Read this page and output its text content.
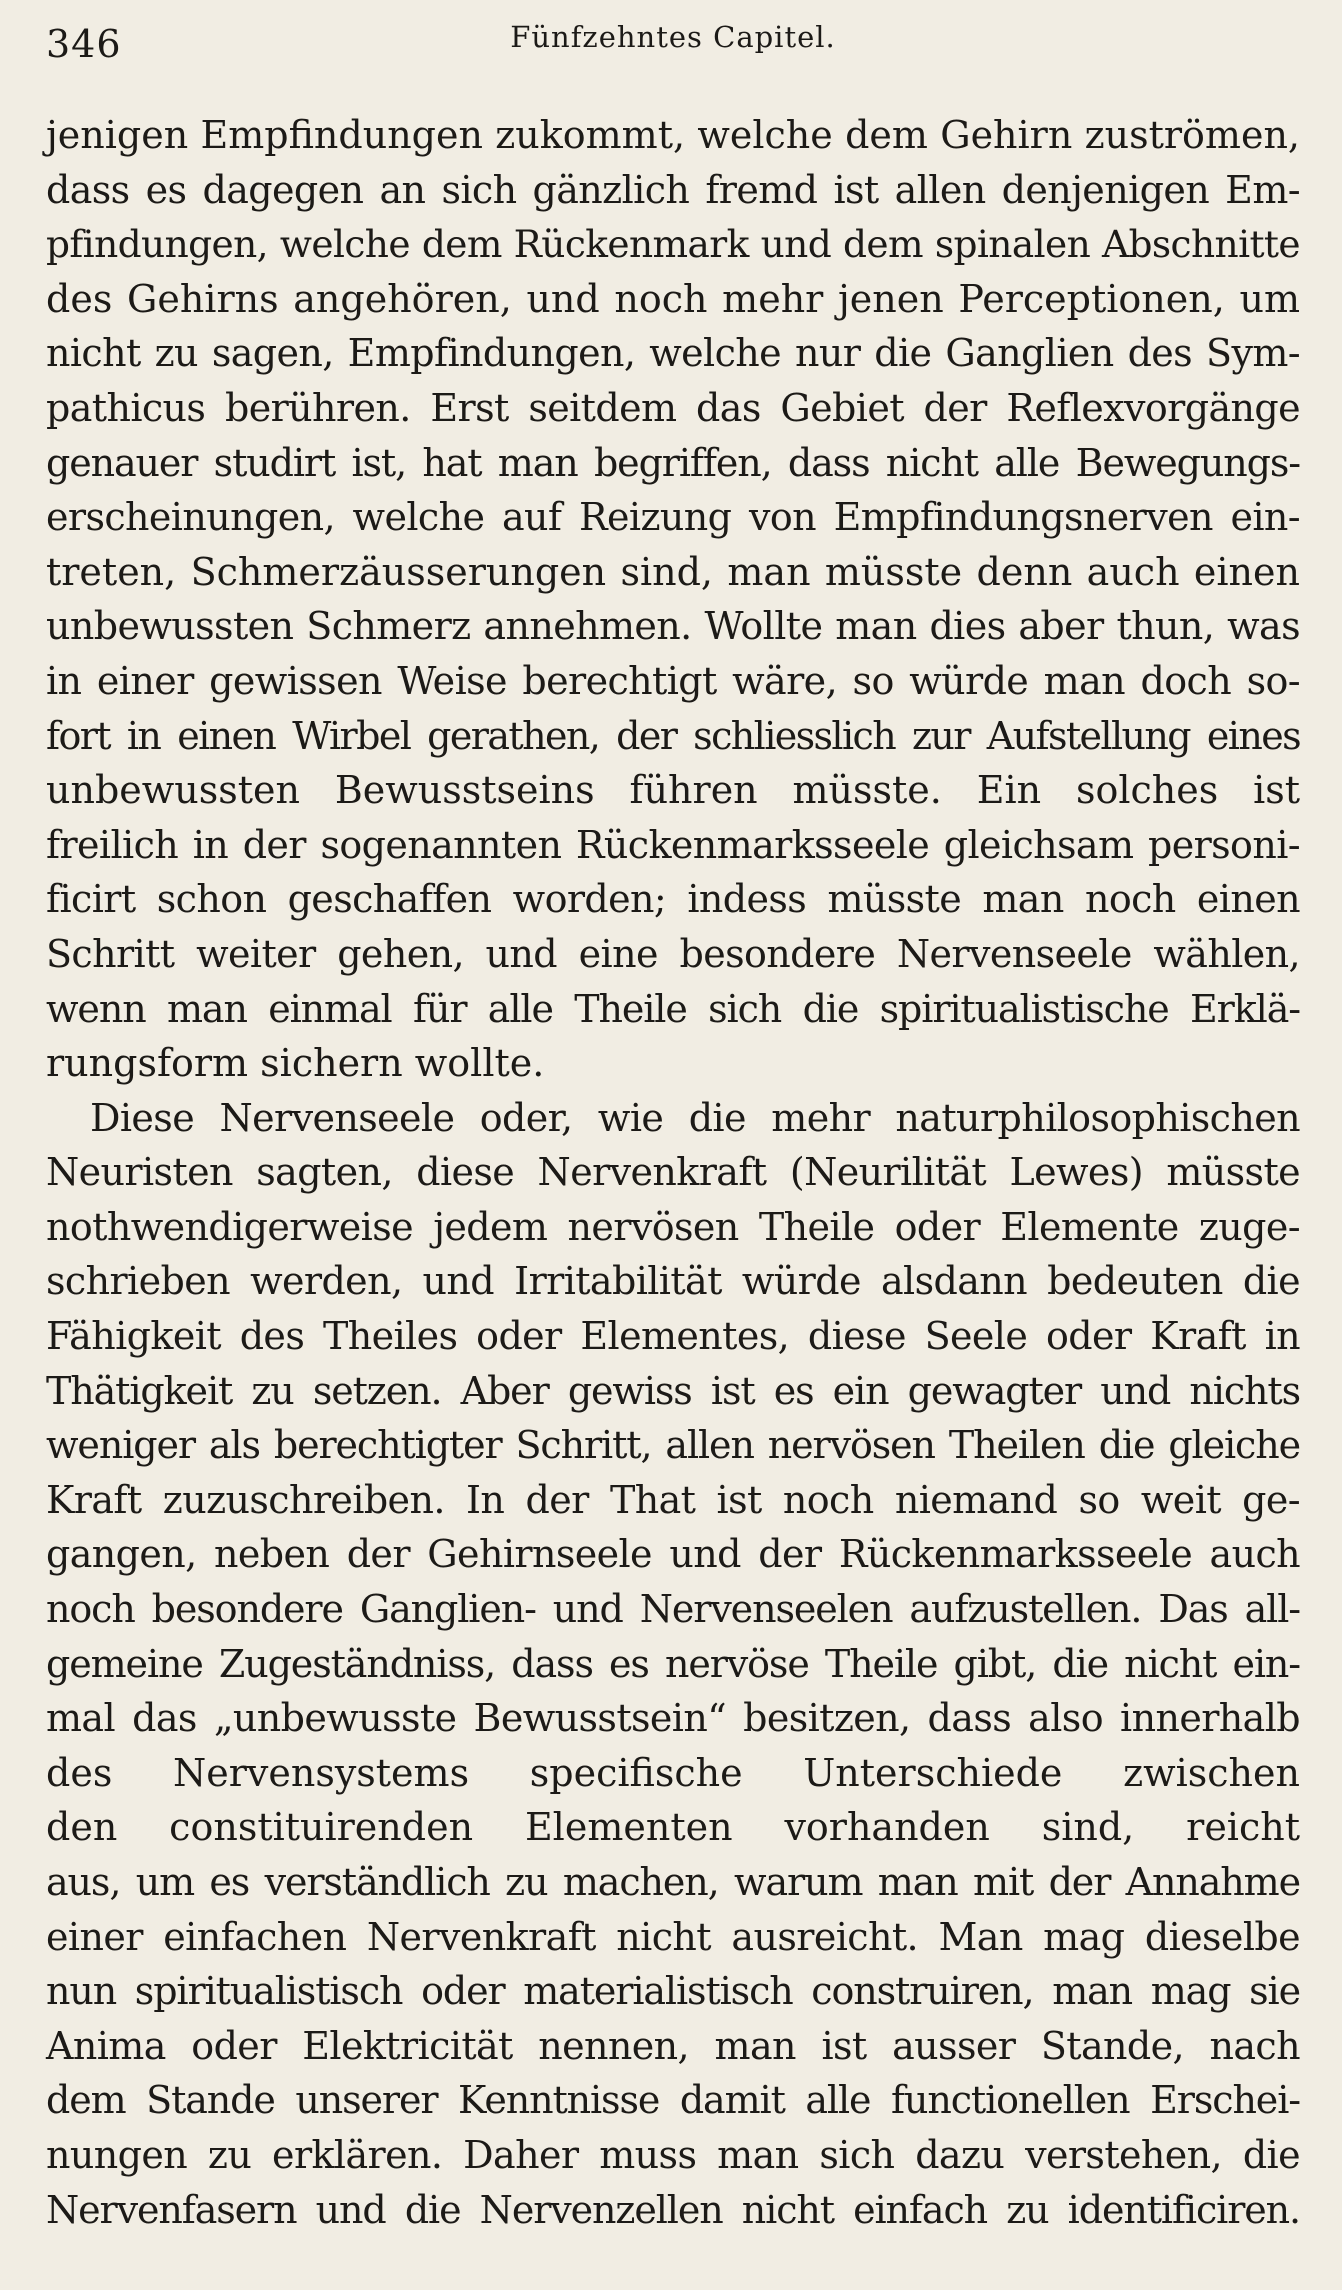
346	Fünfzehntes Capitel.
jenigen Empfindungen zukommt, welche dem Gehirn zuströmen,
dass es dagegen an sich gänzlich fremd ist allen denjenigen Em-
pfindungen, welche dem Rückenmark und dem spinalen Abschnitte
des Gehirns angehören, und noch mehr jenen Perceptionen, um
nicht zu sagen, Empfindungen, welche nur die Ganglien des Sym-
pathicus berühren. Erst seitdem das Gebiet der Reflexvorgänge
genauer studirt ist, hat man begriffen, dass nicht alle Bewegungs-
erscheinungen, welche auf Reizung von Empfindungsnerven ein-
treten, Schmerzäusserungen sind, man müsste denn auch einen
unbewussten Schmerz annehmen. Wollte man dies aber thun, was
in einer gewissen Weise berechtigt wäre, so würde man doch so-
fort in einen Wirbel gerathen, der schliesslich zur Aufstellung eines
unbewussten Bewusstseins führen müsste. Ein solches ist
freilich in der sogenannten Rückenmarksseele gleichsam personi-
ficirt schon geschaffen worden; indess müsste man noch einen
Schritt weiter gehen, und eine besondere Nervenseele wählen,
wenn man einmal für alle Theile sich die spiritualistische Erklä-
rungsform sichern wollte.
Diese Nervenseele oder, wie die mehr naturphilosophischen
Neuristen sagten, diese Nervenkraft (Neurilität Lewes) müsste
nothwendigerweise jedem nervösen Theile oder Elemente zuge-
schrieben werden, und Irritabilität würde alsdann bedeuten die
Fähigkeit des Theiles oder Elementes, diese Seele oder Kraft in
Thätigkeit zu setzen. Aber gewiss ist es ein gewagter und nichts
weniger als berechtigter Schritt, allen nervösen Theilen die gleiche
Kraft zuzuschreiben. In der That ist noch niemand so weit ge-
gangen, neben der Gehirnseele und der Rückenmarksseele auch
noch besondere Ganglien- und Nervenseelen aufzustellen. Das all-
gemeine Zugeständniss, dass es nervöse Theile gibt, die nicht ein-
mal das „unbewusste Bewusstsein“ besitzen, dass also innerhalb
des Nervensystems specifische Unterschiede zwischen
den constituirenden Elementen vorhanden sind, reicht
aus, um es verständlich zu machen, warum man mit der Annahme
einer einfachen Nervenkraft nicht ausreicht. Man mag dieselbe
nun spiritualistisch oder materialistisch construiren, man mag sie
Anima oder Elektricität nennen, man ist ausser Stande, nach
dem Stande unserer Kenntnisse damit alle functionellen Erschei-
nungen zu erklären. Daher muss man sich dazu verstehen, die
Nervenfasern und die Nervenzellen nicht einfach zu identificiren.
